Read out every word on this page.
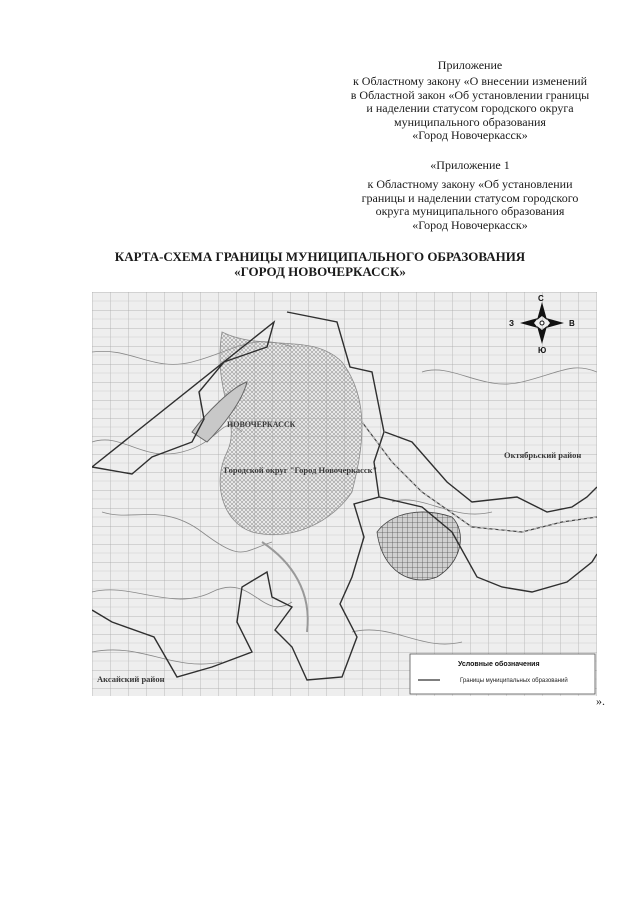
Приложение
к Областному закону «О внесении изменений
в Областной закон «Об установлении границы
и наделении статусом городского округа
муниципального образования
«Город Новочеркасск»
«Приложение 1
к Областному закону «Об установлении
границы и наделении статусом городского
округа муниципального образования
«Город Новочеркасск»
КАРТА-СХЕМА ГРАНИЦЫ МУНИЦИПАЛЬНОГО ОБРАЗОВАНИЯ
«ГОРОД НОВОЧЕРКАССК»
С
Ю
З	В
НОВОЧЕРКАССК
Городской округ "Город Новочеркасск"
Октябрьский район
Аксайский район
Условные обозначения
Границы муниципальных образований
».
